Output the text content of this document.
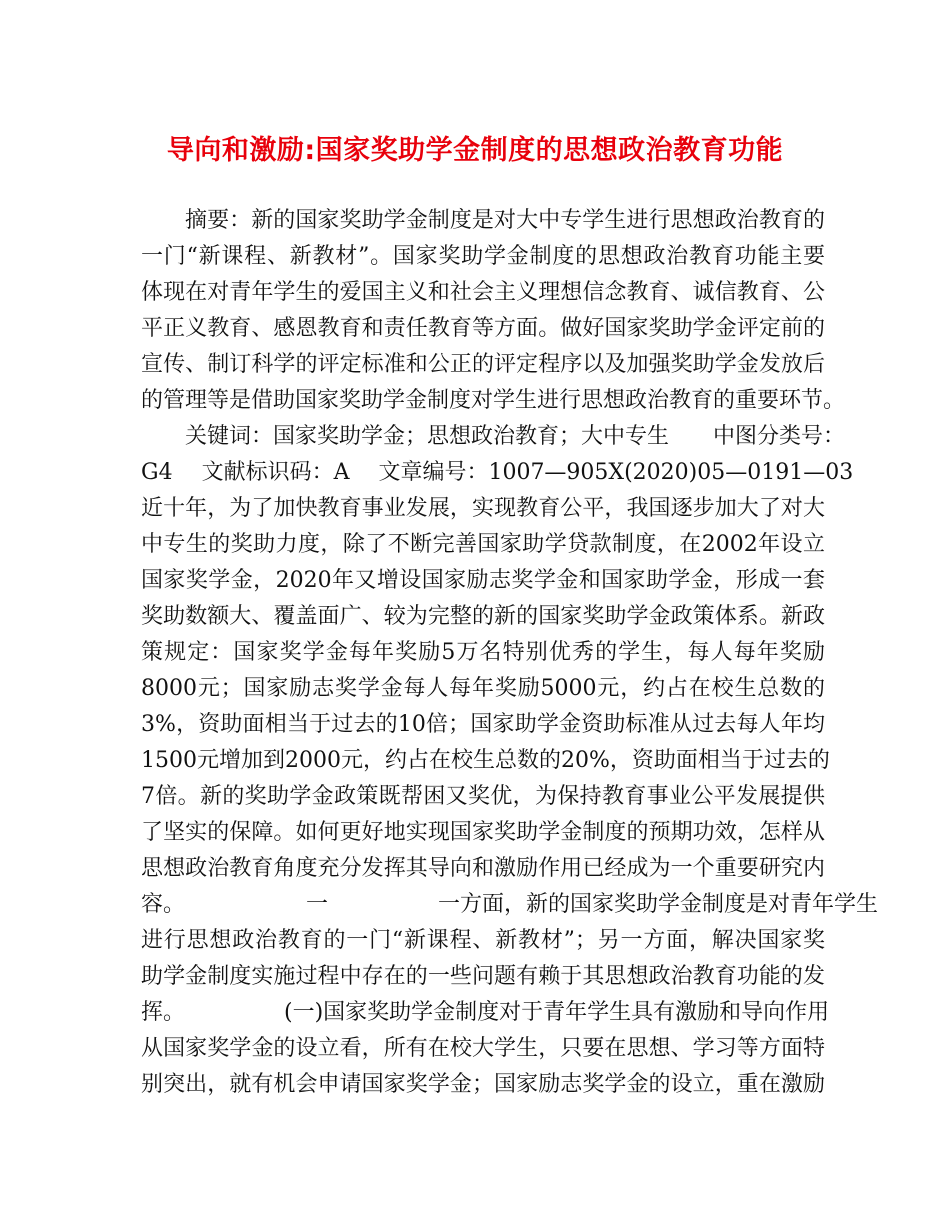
导向和激励:国家奖助学金制度的思想政治教育功能
摘要：新的国家奖助学金制度是对大中专学生进行思想政治教育的
一门“新课程、新教材”。国家奖助学金制度的思想政治教育功能主要
体现在对青年学生的爱国主义和社会主义理想信念教育、诚信教育、公
平正义教育、感恩教育和责任教育等方面。做好国家奖助学金评定前的
宣传、制订科学的评定标准和公正的评定程序以及加强奖助学金发放后
的管理等是借助国家奖助学金制度对学生进行思想政治教育的重要环节。
关键词：国家奖助学金；思想政治教育；大中专生　　中图分类号：
G4　 文献标识码：A　 文章编号：1007—905X(2020)05—0191—03
近十年，为了加快教育事业发展，实现教育公平，我国逐步加大了对大
中专生的奖助力度，除了不断完善国家助学贷款制度，在2002年设立
国家奖学金，2020年又增设国家励志奖学金和国家助学金，形成一套
奖助数额大、覆盖面广、较为完整的新的国家奖助学金政策体系。新政
策规定：国家奖学金每年奖励5万名特别优秀的学生，每人每年奖励
8000元；国家励志奖学金每人每年奖励5000元，约占在校生总数的
3%，资助面相当于过去的10倍；国家助学金资助标准从过去每人年均
1500元增加到2000元，约占在校生总数的20%，资助面相当于过去的
7倍。新的奖助学金政策既帮困又奖优，为保持教育事业公平发展提供
了坚实的保障。如何更好地实现国家奖助学金制度的预期功效，怎样从
思想政治教育角度充分发挥其导向和激励作用已经成为一个重要研究内
容。　　　　　　一　　　　　一方面，新的国家奖助学金制度是对青年学生
进行思想政治教育的一门“新课程、新教材”；另一方面，解决国家奖
助学金制度实施过程中存在的一些问题有赖于其思想政治教育功能的发
挥。　　　　　(一)国家奖助学金制度对于青年学生具有激励和导向作用
从国家奖学金的设立看，所有在校大学生，只要在思想、学习等方面特
别突出，就有机会申请国家奖学金；国家励志奖学金的设立，重在激励
